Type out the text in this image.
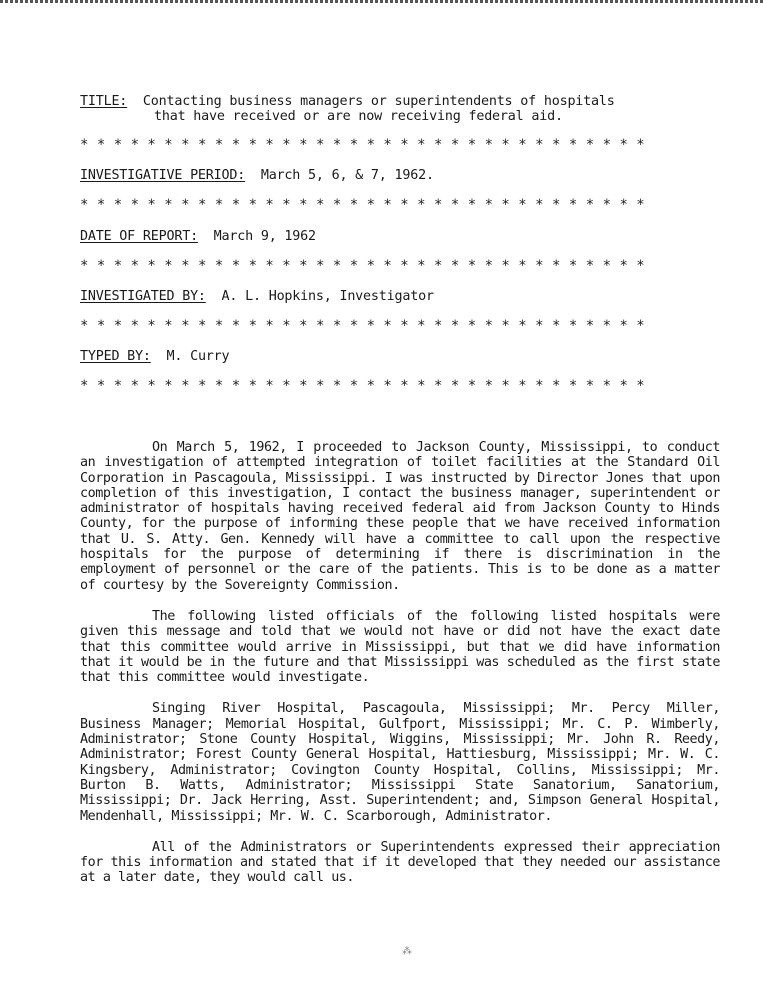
TITLE: Contacting business managers or superintendents of hospitals
that have received or are now receiving federal aid.
* * * * * * * * * * * * * * * * * * * * * * * * * * * * * * * * * *
INVESTIGATIVE PERIOD: March 5, 6, & 7, 1962.
* * * * * * * * * * * * * * * * * * * * * * * * * * * * * * * * * *
DATE OF REPORT: March 9, 1962
* * * * * * * * * * * * * * * * * * * * * * * * * * * * * * * * * *
INVESTIGATED BY: A. L. Hopkins, Investigator
* * * * * * * * * * * * * * * * * * * * * * * * * * * * * * * * * *
TYPED BY: M. Curry
* * * * * * * * * * * * * * * * * * * * * * * * * * * * * * * * * *

On March 5, 1962, I proceeded to Jackson County, Mississippi, to conduct an investigation of attempted integration of toilet facilities at the Standard Oil Corporation in Pascagoula, Mississippi. I was instructed by Director Jones that upon completion of this investigation, I contact the business manager, superintendent or administrator of hospitals having received federal aid from Jackson County to Hinds County, for the purpose of informing these people that we have received information that U. S. Atty. Gen. Kennedy will have a committee to call upon the respective hospitals for the purpose of determining if there is discrimination in the employment of personnel or the care of the patients. This is to be done as a matter of courtesy by the Sovereignty Commission.

The following listed officials of the following listed hospitals were given this message and told that we would not have or did not have the exact date that this committee would arrive in Mississippi, but that we did have information that it would be in the future and that Mississippi was scheduled as the first state that this committee would investigate.

Singing River Hospital, Pascagoula, Mississippi; Mr. Percy Miller, Business Manager; Memorial Hospital, Gulfport, Mississippi; Mr. C. P. Wimberly, Administrator; Stone County Hospital, Wiggins, Mississippi; Mr. John R. Reedy, Administrator; Forest County General Hospital, Hattiesburg, Mississippi; Mr. W. C. Kingsbery, Administrator; Covington County Hospital, Collins, Mississippi; Mr. Burton B. Watts, Administrator; Mississippi State Sanatorium, Sanatorium, Mississippi; Dr. Jack Herring, Asst. Superintendent; and, Simpson General Hospital, Mendenhall, Mississippi; Mr. W. C. Scarborough, Administrator.

All of the Administrators or Superintendents expressed their appreciation for this information and stated that if it developed that they needed our assistance at a later date, they would call us.

⁂
